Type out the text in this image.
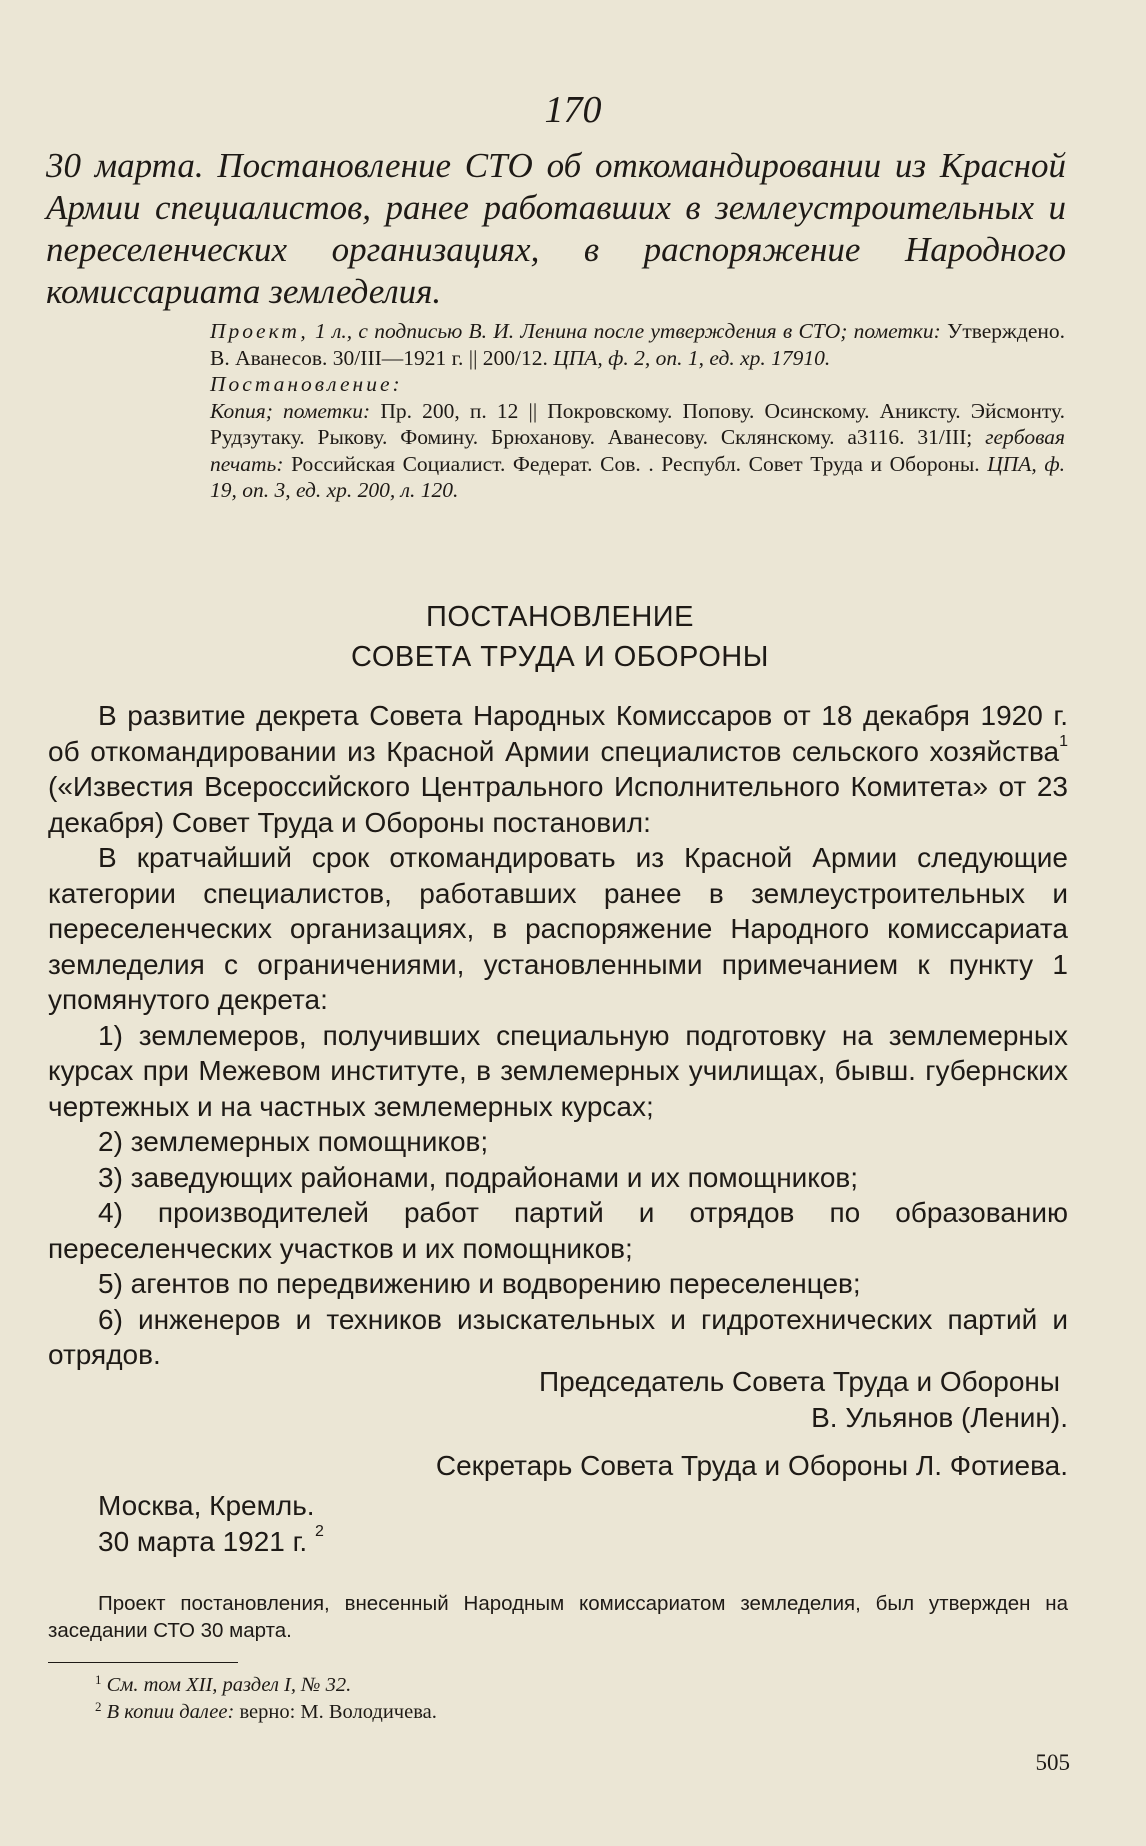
170
30 марта. Постановление СТО об откомандировании из Красной Армии специалистов, ранее работавших в землеустроительных и переселенческих организациях, в распоряжение Народного комиссариата земледелия.

Проект, 1 л., с подписью В. И. Ленина после утверждения в СТО; пометки: Утверждено. В. Аванесов. 30/III—1921 г. || 200/12. ЦПА, ф. 2, оп. 1, ед. хр. 17910.

Постановление:

Копия; пометки: Пр. 200, п. 12 || Покровскому. Попову. Осинскому. Аниксту. Эйсмонту. Рудзутаку. Рыкову. Фомину. Брюханову. Аванесову. Склянскому. а3116. 31/III; гербовая печать: Российская Социалист. Федерат. Сов. . Республ. Совет Труда и Обороны. ЦПА, ф. 19, оп. 3, ед. хр. 200, л. 120.

ПОСТАНОВЛЕНИЕ
СОВЕТА ТРУДА И ОБОРОНЫ

В развитие декрета Совета Народных Комиссаров от 18 декабря 1920 г. об откомандировании из Красной Армии специалистов сельского хозяйства$^1$ («Известия Всероссийского Центрального Исполнительного Комитета» от 23 декабря) Совет Труда и Обороны постановил:

В кратчайший срок откомандировать из Красной Армии следующие категории специалистов, работавших ранее в землеустроительных и переселенческих организациях, в распоряжение Народного комиссариата земледелия с ограничениями, установленными примечанием к пункту 1 упомянутого декрета:

1) землемеров, получивших специальную подготовку на землемерных курсах при Межевом институте, в землемерных училищах, бывш. губернских чертежных и на частных землемерных курсах;

2) землемерных помощников;

3) заведующих районами, подрайонами и их помощников;

4) производителей работ партий и отрядов по образованию переселенческих участков и их помощников;

5) агентов по передвижению и водворению переселенцев;

6) инженеров и техников изыскательных и гидротехнических партий и отрядов.

Председатель Совета Труда и Обороны
В. Ульянов (Ленин).
Секретарь Совета Труда и Обороны Л. Фотиева.
Москва, Кремль.
30 марта 1921 г. $^2$

Проект постановления, внесенный Народным комиссариатом земледелия, был утвержден на заседании СТО 30 марта.

$^1$ См. том XII, раздел I, № 32.
$^2$ В копии далее: верно: М. Володичева.
505
